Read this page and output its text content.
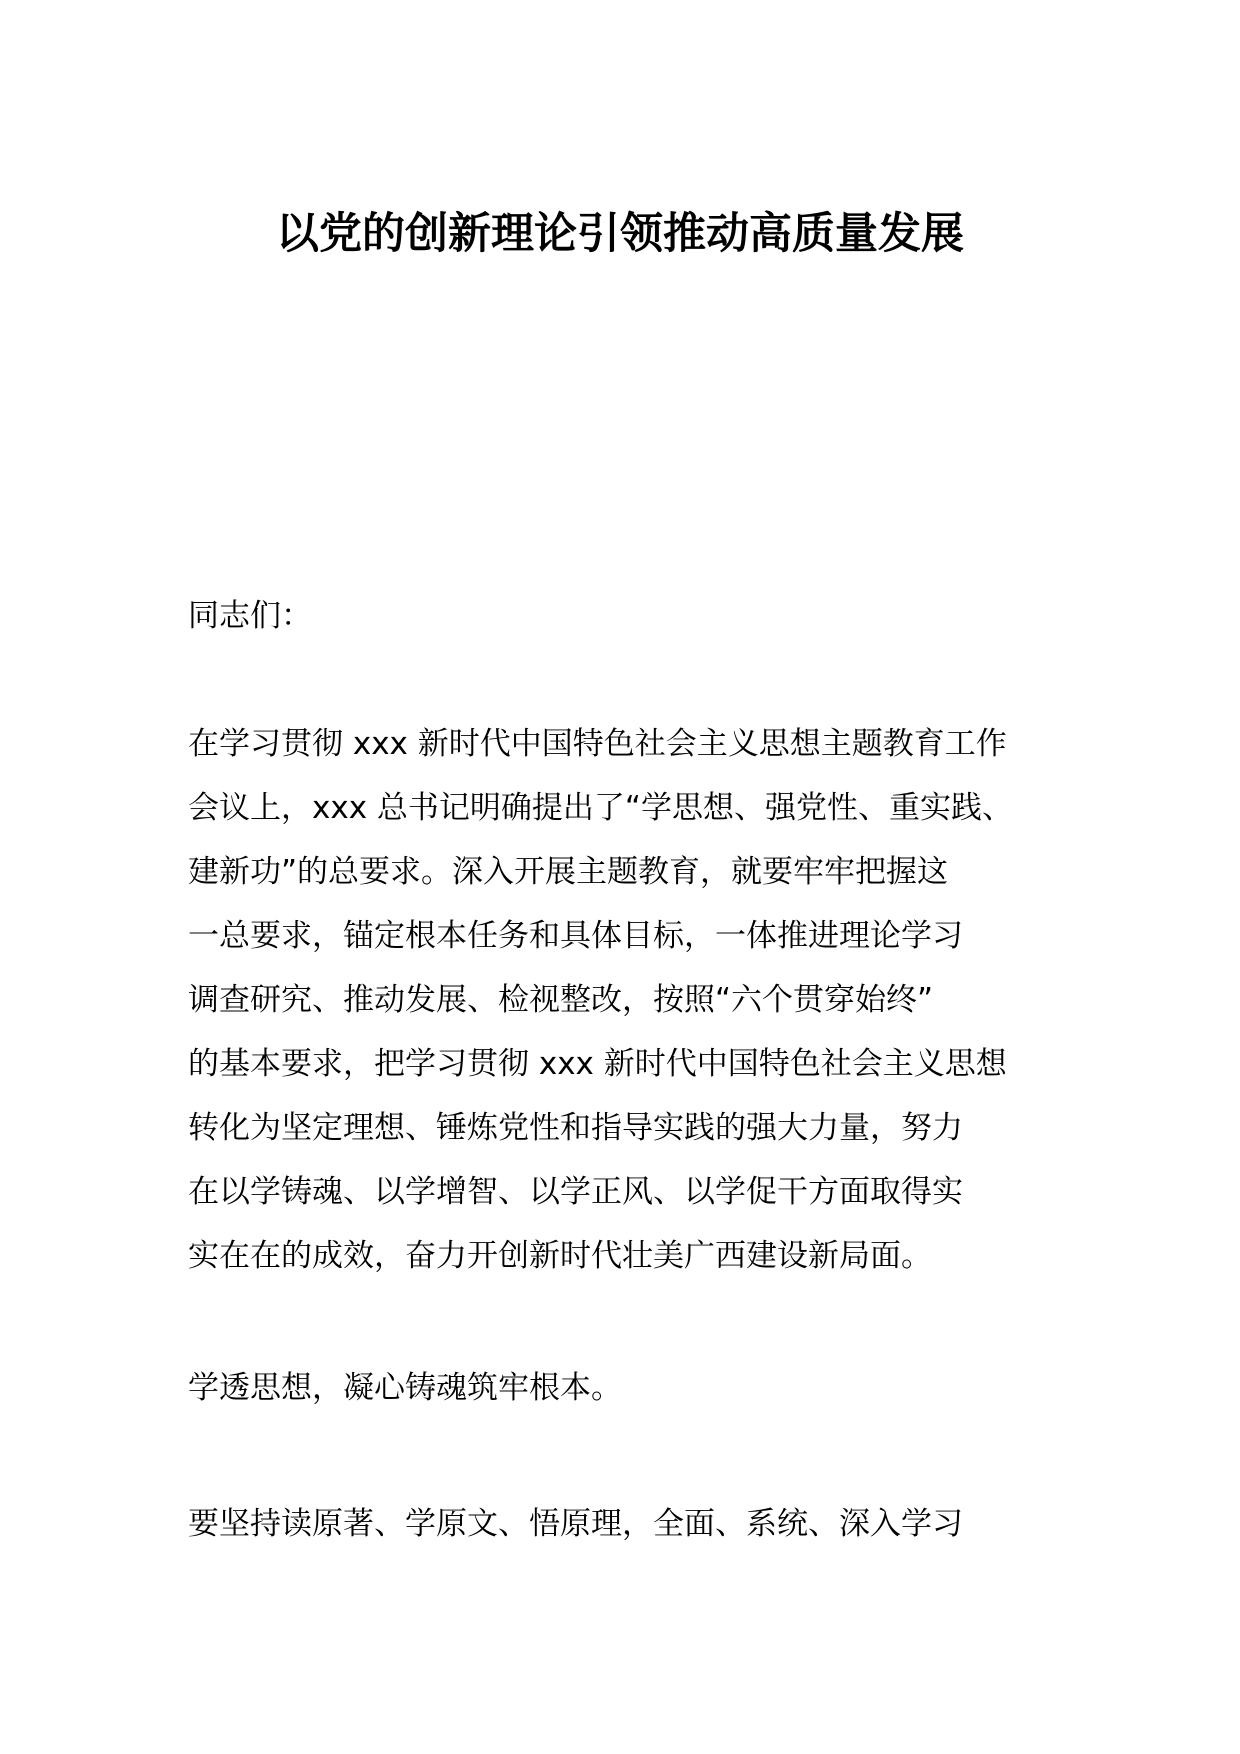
以党的创新理论引领推动高质量发展
同志们：
在学习贯彻 xxx 新时代中国特色社会主义思想主题教育工作
会议上，xxx 总书记明确提出了“学思想、强党性、重实践、
建新功”的总要求。深入开展主题教育，就要牢牢把握这
一总要求，锚定根本任务和具体目标，一体推进理论学习
调查研究、推动发展、检视整改，按照“六个贯穿始终”
的基本要求，把学习贯彻 xxx 新时代中国特色社会主义思想
转化为坚定理想、锤炼党性和指导实践的强大力量，努力
在以学铸魂、以学增智、以学正风、以学促干方面取得实
实在在的成效，奋力开创新时代壮美广西建设新局面。
学透思想，凝心铸魂筑牢根本。
要坚持读原著、学原文、悟原理，全面、系统、深入学习
